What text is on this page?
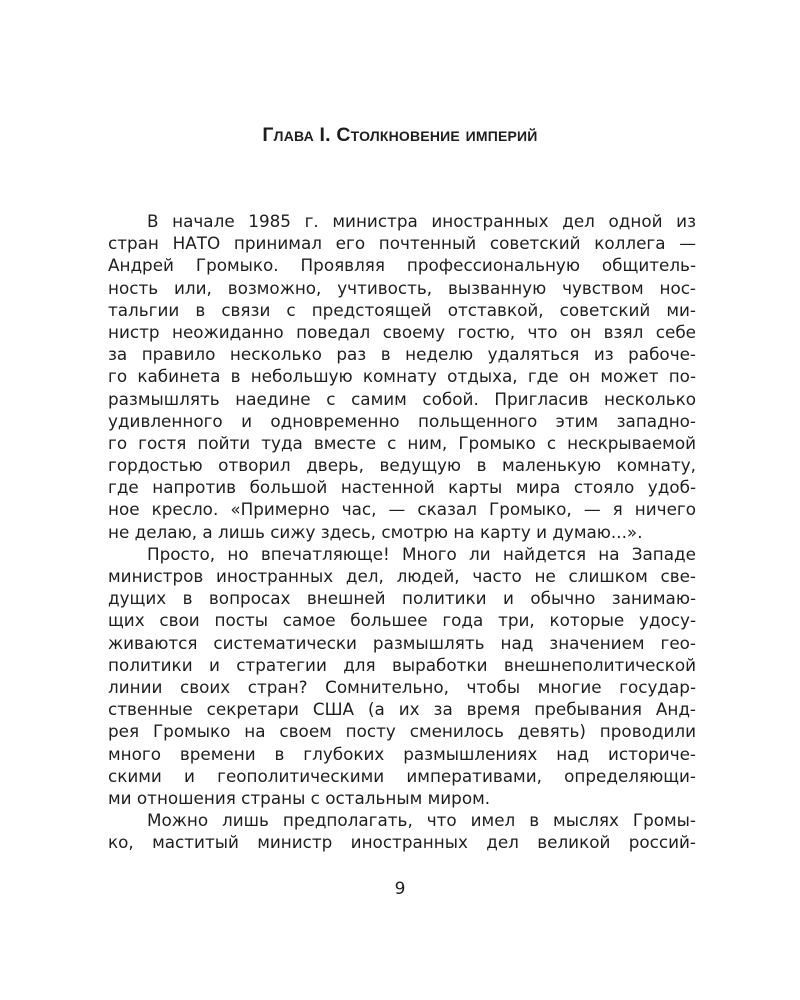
Глава I. Столкновение империй
В начале 1985 г. министра иностранных дел одной из
стран НАТО принимал его почтенный советский коллега —
Андрей Громыко. Проявляя профессиональную общитель-
ность или, возможно, учтивость, вызванную чувством нос-
тальгии в связи с предстоящей отставкой, советский ми-
нистр неожиданно поведал своему гостю, что он взял себе
за правило несколько раз в неделю удаляться из рабоче-
го кабинета в небольшую комнату отдыха, где он может по-
размышлять наедине с самим собой. Пригласив несколько
удивленного и одновременно польщенного этим западно-
го гостя пойти туда вместе с ним, Громыко с нескрываемой
гордостью отворил дверь, ведущую в маленькую комнату,
где напротив большой настенной карты мира стояло удоб-
ное кресло. «Примерно час, — сказал Громыко, — я ничего
не делаю, а лишь сижу здесь, смотрю на карту и думаю...».
Просто, но впечатляюще! Много ли найдется на Западе
министров иностранных дел, людей, часто не слишком све-
дущих в вопросах внешней политики и обычно занимаю-
щих свои посты самое большее года три, которые удосу-
живаются систематически размышлять над значением гео-
политики и стратегии для выработки внешнеполитической
линии своих стран? Сомнительно, чтобы многие государ-
ственные секретари США (а их за время пребывания Анд-
рея Громыко на своем посту сменилось девять) проводили
много времени в глубоких размышлениях над историче-
скими и геополитическими императивами, определяющи-
ми отношения страны с остальным миром.
Можно лишь предполагать, что имел в мыслях Громы-
ко, маститый министр иностранных дел великой россий-
9
